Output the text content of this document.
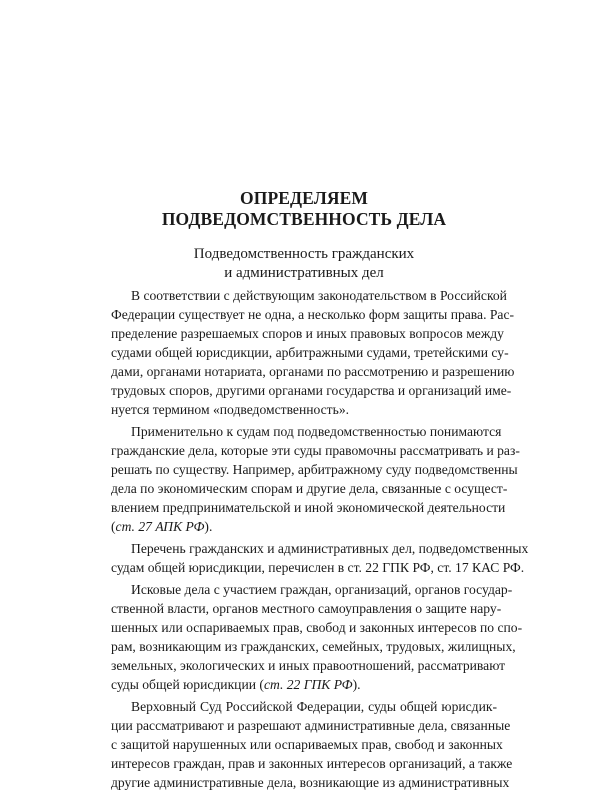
ОПРЕДЕЛЯЕМ
ПОДВЕДОМСТВЕННОСТЬ ДЕЛА
Подведомственность гражданских
и административных дел
В соответствии с действующим законодательством в Российской
Федерации существует не одна, а несколько форм защиты права. Рас-
пределение разрешаемых споров и иных правовых вопросов между
судами общей юрисдикции, арбитражными судами, третейскими су-
дами, органами нотариата, органами по рассмотрению и разрешению
трудовых споров, другими органами государства и организаций име-
нуется термином «подведомственность».
Применительно к судам под подведомственностью понимаются
гражданские дела, которые эти суды правомочны рассматривать и раз-
решать по существу. Например, арбитражному суду подведомственны
дела по экономическим спорам и другие дела, связанные с осущест-
влением предпринимательской и иной экономической деятельности
(ст. 27 АПК РФ).
Перечень гражданских и административных дел, подведомственных
судам общей юрисдикции, перечислен в ст. 22 ГПК РФ, ст. 17 КАС РФ.
Исковые дела с участием граждан, организаций, органов государ-
ственной власти, органов местного самоуправления о защите нару-
шенных или оспариваемых прав, свобод и законных интересов по спо-
рам, возникающим из гражданских, семейных, трудовых, жилищных,
земельных, экологических и иных правоотношений, рассматривают
суды общей юрисдикции (ст. 22 ГПК РФ).
Верховный Суд Российской Федерации, суды общей юрисдик-
ции рассматривают и разрешают административные дела, связанные
с защитой нарушенных или оспариваемых прав, свобод и законных
интересов граждан, прав и законных интересов организаций, а также
другие административные дела, возникающие из административных
